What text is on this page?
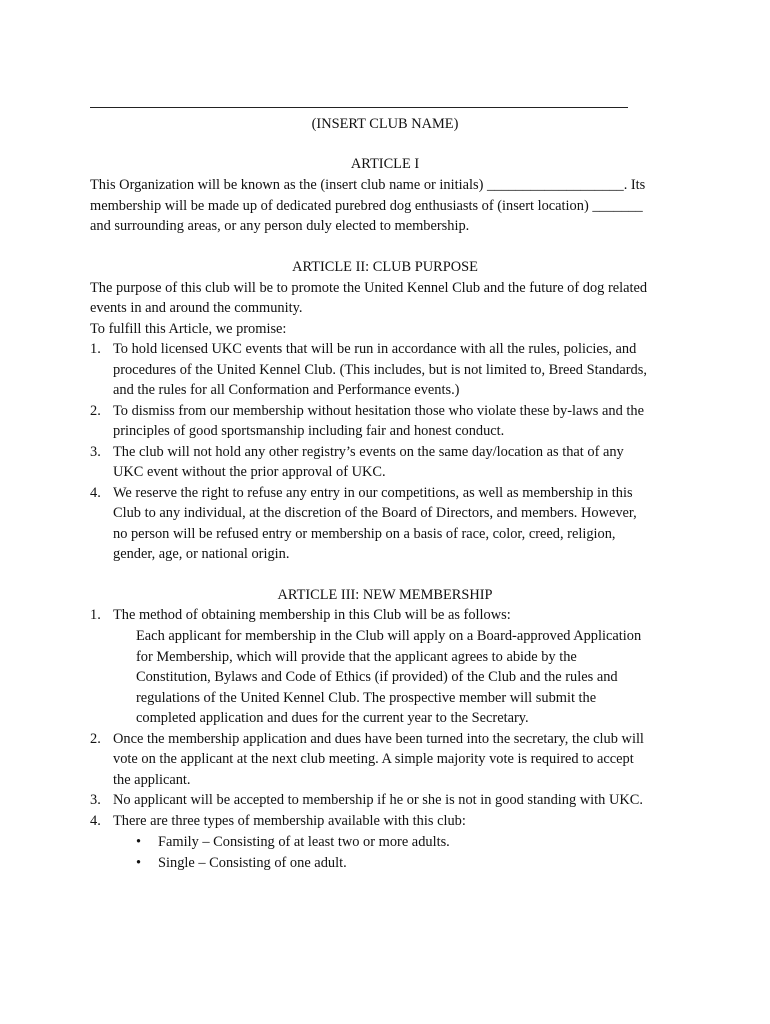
(INSERT CLUB NAME)
ARTICLE I
This Organization will be known as the (insert club name or initials) ___________________. Its
membership will be made up of dedicated purebred dog enthusiasts of (insert location) _______
and surrounding areas, or any person duly elected to membership.
ARTICLE II: CLUB PURPOSE
The purpose of this club will be to promote the United Kennel Club and the future of dog related
events in and around the community.
To fulfill this Article, we promise:
1. To hold licensed UKC events that will be run in accordance with all the rules, policies, and
procedures of the United Kennel Club. (This includes, but is not limited to, Breed Standards,
and the rules for all Conformation and Performance events.)
2. To dismiss from our membership without hesitation those who violate these by-laws and the
principles of good sportsmanship including fair and honest conduct.
3. The club will not hold any other registry’s events on the same day/location as that of any
UKC event without the prior approval of UKC.
4. We reserve the right to refuse any entry in our competitions, as well as membership in this
Club to any individual, at the discretion of the Board of Directors, and members. However,
no person will be refused entry or membership on a basis of race, color, creed, religion,
gender, age, or national origin.
ARTICLE III: NEW MEMBERSHIP
1. The method of obtaining membership in this Club will be as follows:
Each applicant for membership in the Club will apply on a Board-approved Application
for Membership, which will provide that the applicant agrees to abide by the
Constitution, Bylaws and Code of Ethics (if provided) of the Club and the rules and
regulations of the United Kennel Club. The prospective member will submit the
completed application and dues for the current year to the Secretary.
2. Once the membership application and dues have been turned into the secretary, the club will
vote on the applicant at the next club meeting. A simple majority vote is required to accept
the applicant.
3. No applicant will be accepted to membership if he or she is not in good standing with UKC.
4. There are three types of membership available with this club:
• Family – Consisting of at least two or more adults.
• Single – Consisting of one adult.
